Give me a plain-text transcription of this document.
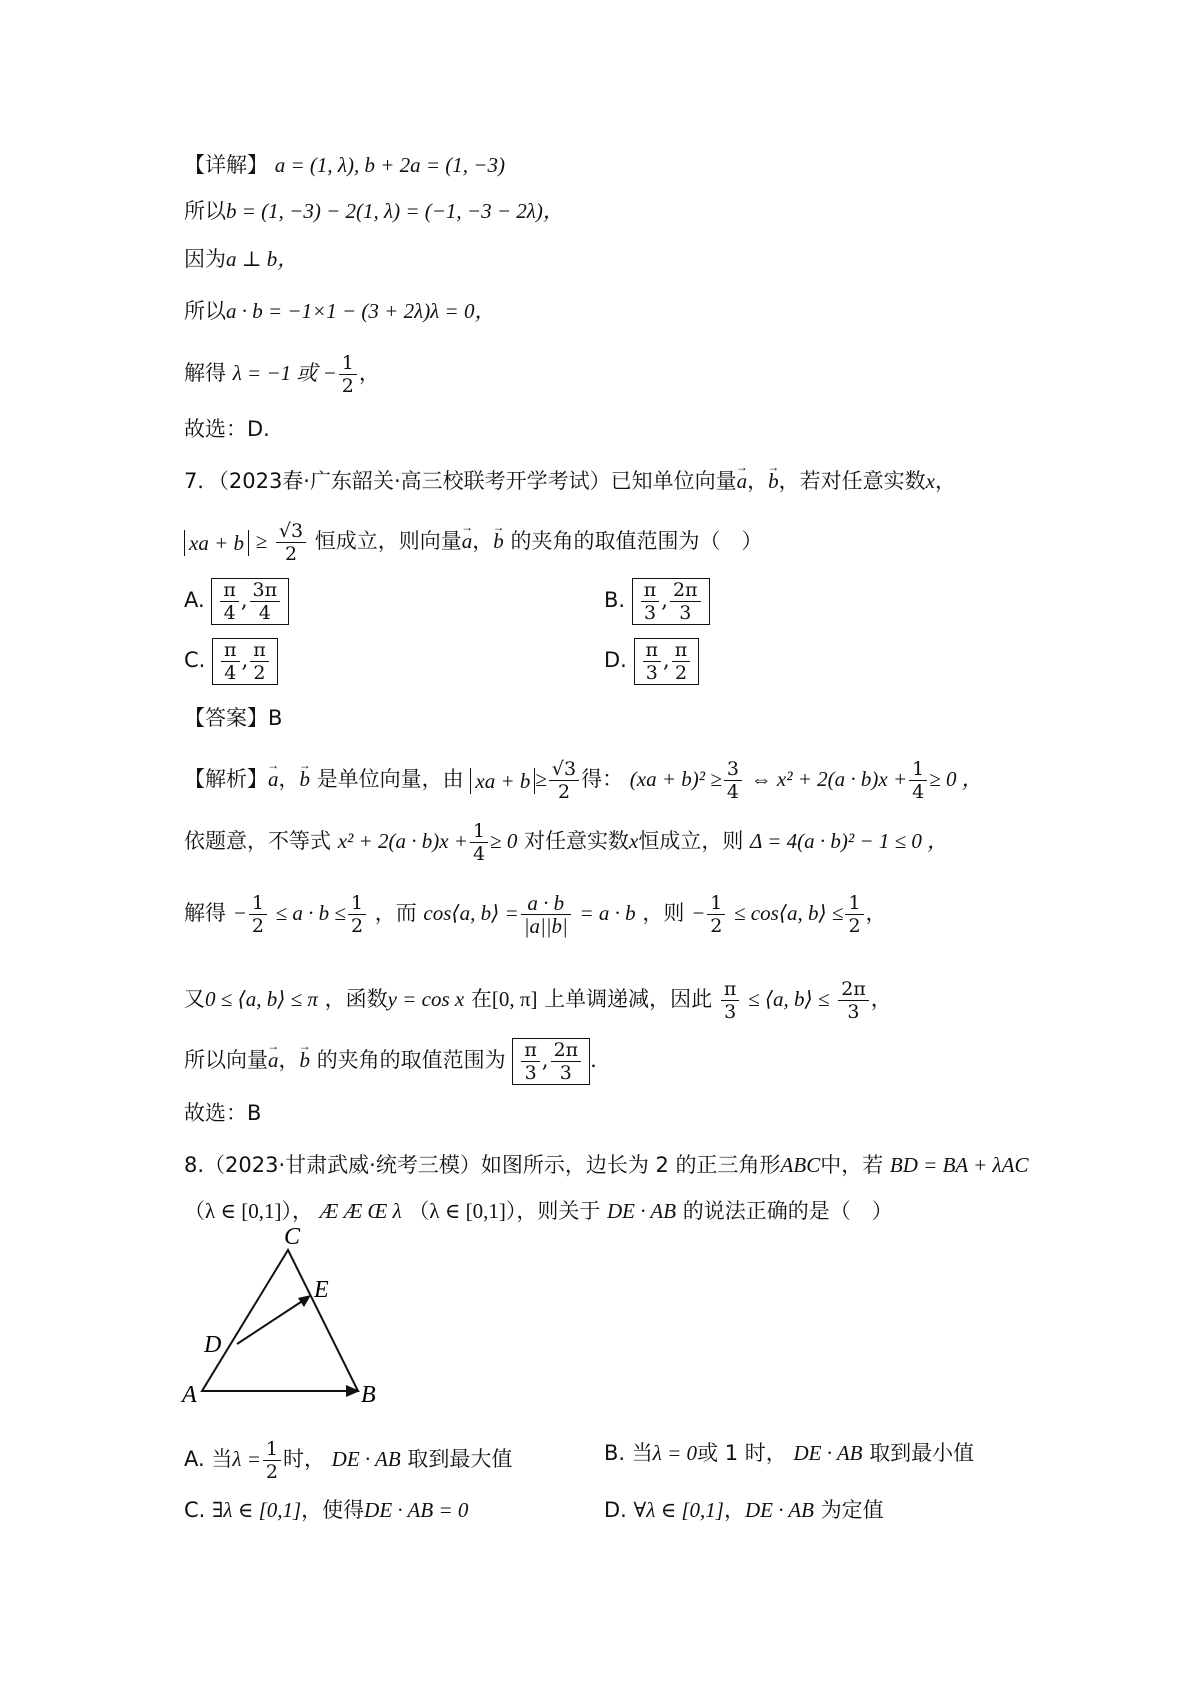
【详解】 a = (1, λ), b + 2a = (1, −3)
所以b = (1, −3) − 2(1, λ) = (−1, −3 − 2λ)，
因为a ⊥ b，
所以a · b = −1×1 − (3 + 2λ)λ = 0，
解得 λ = −1 或 − $\frac{1}{2}$ ，
故选：D.
7．（2023春·广东韶关·高三校联考开学考试）已知单位向量→ a，→ b，若对任意实数x，
xa + $b \ge \frac{√3}{2}$ 恒成立，则向量→ a，→ b 的夹角的取值范围为（　）
A. $\frac{\pi}{4}$ , $\frac{3\pi}{4}$	B. $\frac{\pi}{3}$ , $\frac{2\pi}{3}$
C. $\frac{\pi}{4}$ , $\frac{\pi}{2}$	D. $\frac{\pi}{3}$ , $\frac{\pi}{2}$
【答案】B
【解析】→ a，→ b 是单位向量，由 xa + $b \ge \frac{√3}{2}$ 得： $(xa + b)^2 \ge \frac{3}{4}$ ⇔ $x^2 + 2(a \cdot b)x + \frac{1}{4} \ge 0$ ，
依题意，不等式 $x^2 + 2(a \cdot b)x + \frac{1}{4} \ge 0$ 对任意实数x恒成立，则 Δ = 4(a · b)² − 1 ≤ 0 ，
解得 − $\frac{1}{2} \le a \cdot b \le \frac{1}{2}$ ，而 cos⟨a, b⟩ = $\frac{a \cdot b}{|a||b|} = a \cdot b$ ，则 − $\frac{1}{2}$ ≤ cos⟨a, b⟩ ≤ $\frac{1}{2}$ ，
又0 ≤ ⟨a, b⟩ ≤ π ，函数y = cos x 在[0, π] 上单调递减，因此 $\frac{\pi}{3}$ ≤ ⟨a, b⟩ ≤ $\frac{2\pi}{3}$ ，
所以向量→ a，→ b 的夹角的取值范围为 $\frac{\pi}{3}$ , $\frac{2\pi}{3}$ .
故选：B
8.（2023·甘肃武威·统考三模）如图所示，边长为 2 的正三角形ABC中，若 BD = BA + λAC
（λ ∈ [0,1]）， Æ Æ Œ λ （λ ∈ [0,1]），则关于 DE · AB 的说法正确的是（　）
C
E
D
A	B
A. 当$\lambda = \frac{1}{2}$ 时， DE · AB 取到最大值	B. 当λ = 0或 1 时， DE · AB 取到最小值
C. ∃λ ∈ [0,1]，使得DE · AB = 0	D. ∀λ ∈ [0,1]，DE · AB 为定值
